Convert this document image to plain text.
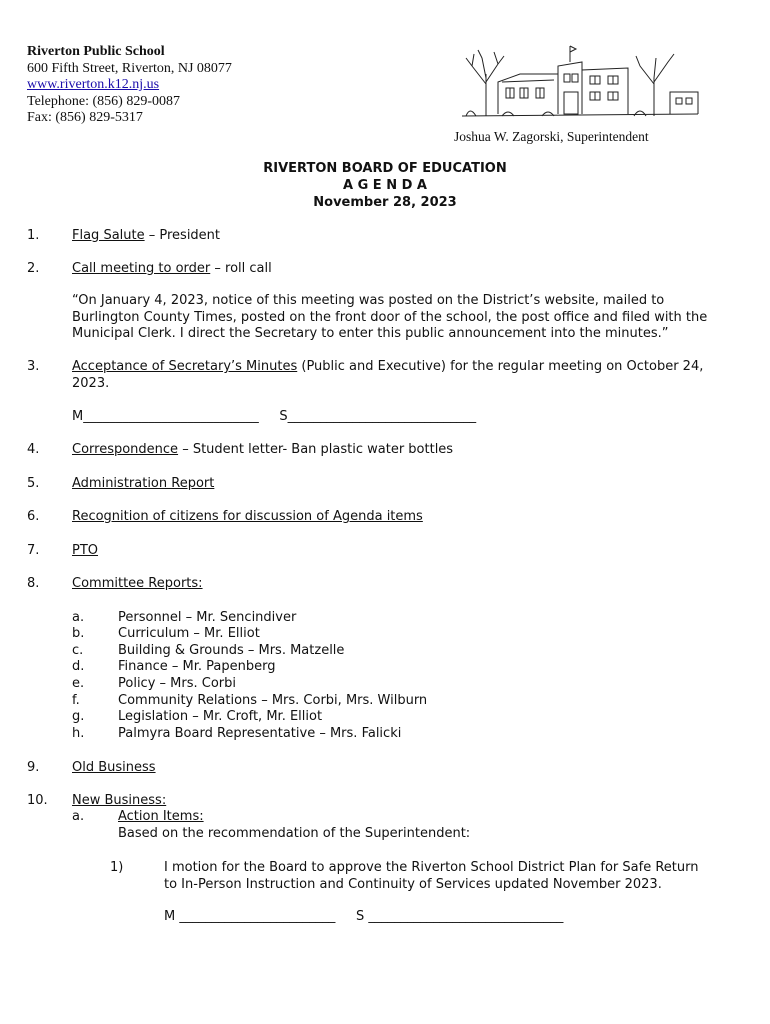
Riverton Public School
600 Fifth Street, Riverton, NJ 08077
www.riverton.k12.nj.us
Telephone: (856) 829-0087
Fax: (856) 829-5317
Joshua W. Zagorski, Superintendent
RIVERTON BOARD OF EDUCATION
A G E N D A
November 28, 2023
1.	Flag Salute – President
2.	Call meeting to order – roll call
“On January 4, 2023, notice of this meeting was posted on the District’s website, mailed to
Burlington County Times, posted on the front door of the school, the post office and filed with the
Municipal Clerk. I direct the Secretary to enter this public announcement into the minutes.”
3.	Acceptance of Secretary’s Minutes (Public and Executive) for the regular meeting on October 24,
2023.
M___________________________     S_____________________________
4.	Correspondence – Student letter- Ban plastic water bottles
5.	Administration Report
6.	Recognition of citizens for discussion of Agenda items
7.	PTO
8.	Committee Reports:
a.	Personnel – Mr. Sencindiver
b.	Curriculum – Mr. Elliot
c.	Building & Grounds – Mrs. Matzelle
d.	Finance – Mr. Papenberg
e.	Policy – Mrs. Corbi
f.	Community Relations – Mrs. Corbi, Mrs. Wilburn
g.	Legislation – Mr. Croft, Mr. Elliot
h.	Palmyra Board Representative – Mrs. Falicki
9.	Old Business
10. New Business:
a.	Action Items:
Based on the recommendation of the Superintendent:
1)	I motion for the Board to approve the Riverton School District Plan for Safe Return
to In-Person Instruction and Continuity of Services updated November 2023.
M ________________________     S ______________________________
